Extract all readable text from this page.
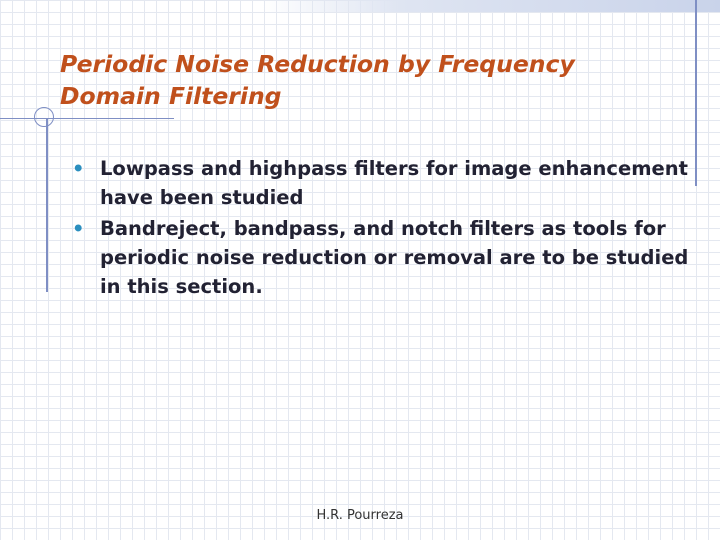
Periodic Noise Reduction by Frequency Domain Filtering
• Lowpass and highpass filters for image enhancement have been studied
• Bandreject, bandpass, and notch filters as tools for periodic noise reduction or removal are to be studied in this section.
H.R. Pourreza
